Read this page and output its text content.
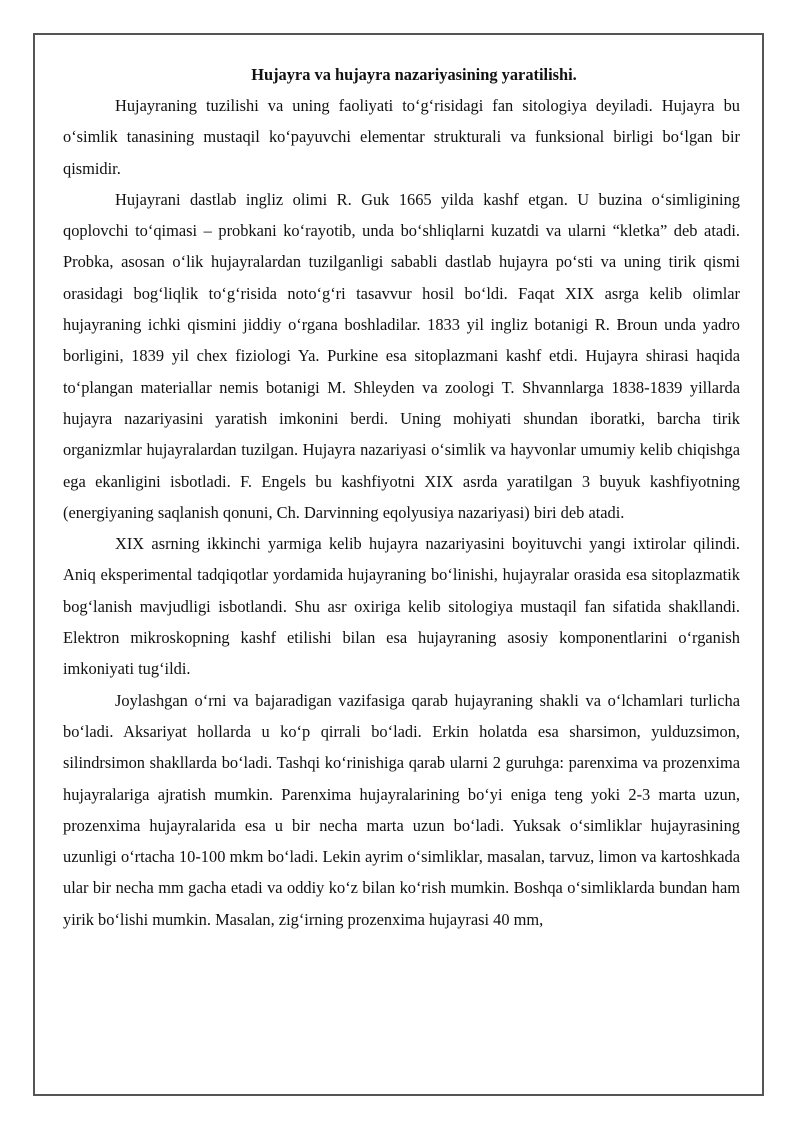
Hujayra va hujayra nazariyasining yaratilishi.

Hujayraning tuzilishi va uning faoliyati to‘g‘risidagi fan sitologiya deyiladi. Hujayra bu o‘simlik tanasining mustaqil ko‘payuvchi elementar strukturali va funksional birligi bo‘lgan bir qismidir.

Hujayrani dastlab ingliz olimi R. Guk 1665 yilda kashf etgan. U buzina o‘simligining qoplovchi to‘qimasi – probkani ko‘rayotib, unda bo‘shliqlarni kuzatdi va ularni “kletka” deb atadi. Probka, asosan o‘lik hujayralardan tuzilganligi sababli dastlab hujayra po‘sti va uning tirik qismi orasidagi bog‘liqlik to‘g‘risida noto‘g‘ri tasavvur hosil bo‘ldi. Faqat XIX asrga kelib olimlar hujayraning ichki qismini jiddiy o‘rgana boshladilar. 1833 yil ingliz botanigi R. Broun unda yadro borligini, 1839 yil chex fiziologi Ya. Purkine esa sitoplazmani kashf etdi. Hujayra shirasi haqida to‘plangan materiallar nemis botanigi M. Shleyden va zoologi T. Shvannlarga 1838-1839 yillarda hujayra nazariyasini yaratish imkonini berdi. Uning mohiyati shundan iboratki, barcha tirik organizmlar hujayralardan tuzilgan. Hujayra nazariyasi o‘simlik va hayvonlar umumiy kelib chiqishga ega ekanligini isbotladi. F. Engels bu kashfiyotni XIX asrda yaratilgan 3 buyuk kashfiyotning (energiyaning saqlanish qonuni, Ch. Darvinning eqolyusiya nazariyasi) biri deb atadi.

XIX asrning ikkinchi yarmiga kelib hujayra nazariyasini boyituvchi yangi ixtirolar qilindi. Aniq eksperimental tadqiqotlar yordamida hujayraning bo‘linishi, hujayralar orasida esa sitoplazmatik bog‘lanish mavjudligi isbotlandi. Shu asr oxiriga kelib sitologiya mustaqil fan sifatida shakllandi. Elektron mikroskopning kashf etilishi bilan esa hujayraning asosiy komponentlarini o‘rganish imkoniyati tug‘ildi.

Joylashgan o‘rni va bajaradigan vazifasiga qarab hujayraning shakli va o‘lchamlari turlicha bo‘ladi. Aksariyat hollarda u ko‘p qirrali bo‘ladi. Erkin holatda esa sharsimon, yulduzsimon, silindrsimon shakllarda bo‘ladi. Tashqi ko‘rinishiga qarab ularni 2 guruhga: parenxima va prozenxima hujayralariga ajratish mumkin. Parenxima hujayralarining bo‘yi eniga teng yoki 2-3 marta uzun, prozenxima hujayralarida esa u bir necha marta uzun bo‘ladi. Yuksak o‘simliklar hujayrasining uzunligi o‘rtacha 10-100 mkm bo‘ladi. Lekin ayrim o‘simliklar, masalan, tarvuz, limon va kartoshkada ular bir necha mm gacha etadi va oddiy ko‘z bilan ko‘rish mumkin. Boshqa o‘simliklarda bundan ham yirik bo‘lishi mumkin. Masalan, zig‘irning prozenxima hujayrasi 40 mm,
